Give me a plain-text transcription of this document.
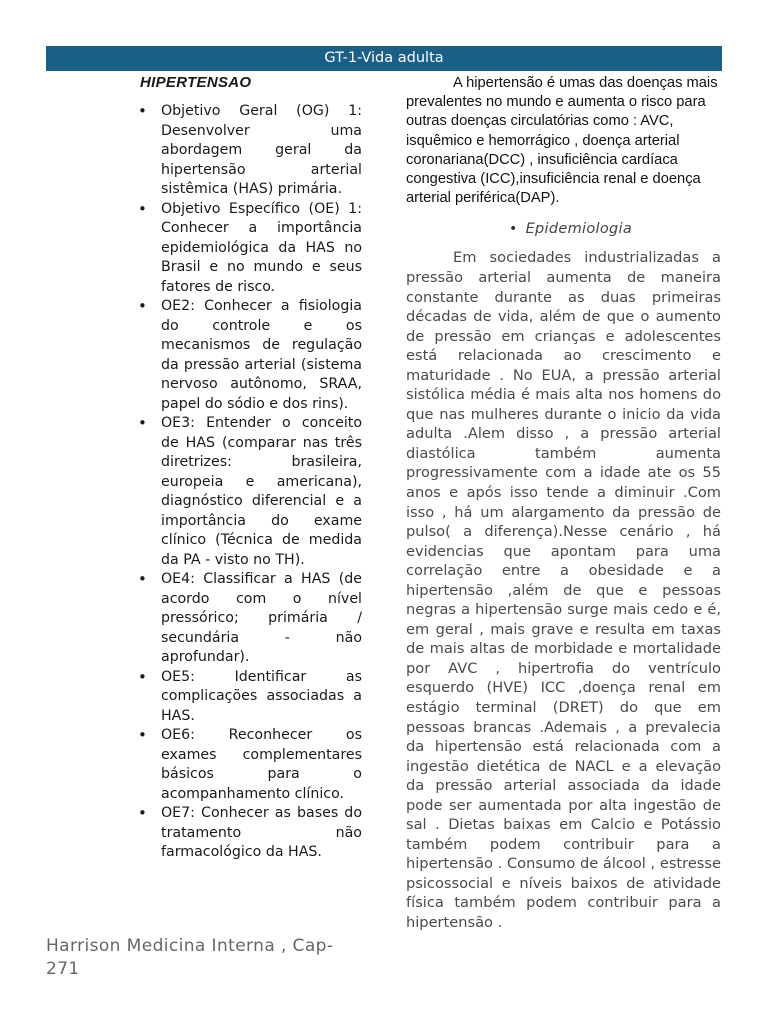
GT-1-Vida adulta
HIPERTENSAO
• Objetivo Geral (OG) 1: Desenvolver uma abordagem geral da hipertensão arterial sistêmica (HAS) primária.
• Objetivo Específico (OE) 1: Conhecer a importância epidemiológica da HAS no Brasil e no mundo e seus fatores de risco.
• OE2: Conhecer a fisiologia do controle e os mecanismos de regulação da pressão arterial (sistema nervoso autônomo, SRAA, papel do sódio e dos rins).
• OE3: Entender o conceito de HAS (comparar nas três diretrizes: brasileira, europeia e americana), diagnóstico diferencial e a importância do exame clínico (Técnica de medida da PA - visto no TH).
• OE4: Classificar a HAS (de acordo com o nível pressórico; primária / secundária - não aprofundar).
• OE5: Identificar as complicações associadas a HAS.
• OE6: Reconhecer os exames complementares básicos para o acompanhamento clínico.
• OE7: Conhecer as bases do tratamento não farmacológico da HAS.
Harrison Medicina Interna , Cap-271

A hipertensão é umas das doenças mais prevalentes no mundo e aumenta o risco para outras doenças circulatórias como : AVC, isquêmico e hemorrágico , doença arterial coronariana(DCC) , insuficiência cardíaca congestiva (ICC),insuficiência renal e doença arterial periférica(DAP).

• Epidemiologia

Em sociedades industrializadas a pressão arterial aumenta de maneira constante durante as duas primeiras décadas de vida, além de que o aumento de pressão em crianças e adolescentes está relacionada ao crescimento e maturidade . No EUA, a pressão arterial sistólica média é mais alta nos homens do que nas mulheres durante o inicio da vida adulta .Alem disso , a pressão arterial diastólica também aumenta progressivamente com a idade ate os 55 anos e após isso tende a diminuir .Com isso , há um alargamento da pressão de pulso( a diferença).Nesse cenário , há evidencias que apontam para uma correlação entre a obesidade e a hipertensão ,além de que e pessoas negras a hipertensão surge mais cedo e é, em geral , mais grave e resulta em taxas de mais altas de morbidade e mortalidade por AVC , hipertrofia do ventrículo esquerdo (HVE) ICC ,doença renal em estágio terminal (DRET) do que em pessoas brancas .Ademais , a prevalecia da hipertensão está relacionada com a ingestão dietética de NACL e a elevação da pressão arterial associada da idade pode ser aumentada por alta ingestão de sal . Dietas baixas em Calcio e Potássio também podem contribuir para a hipertensão . Consumo de álcool , estresse psicossocial e níveis baixos de atividade física também podem contribuir para a hipertensão .
